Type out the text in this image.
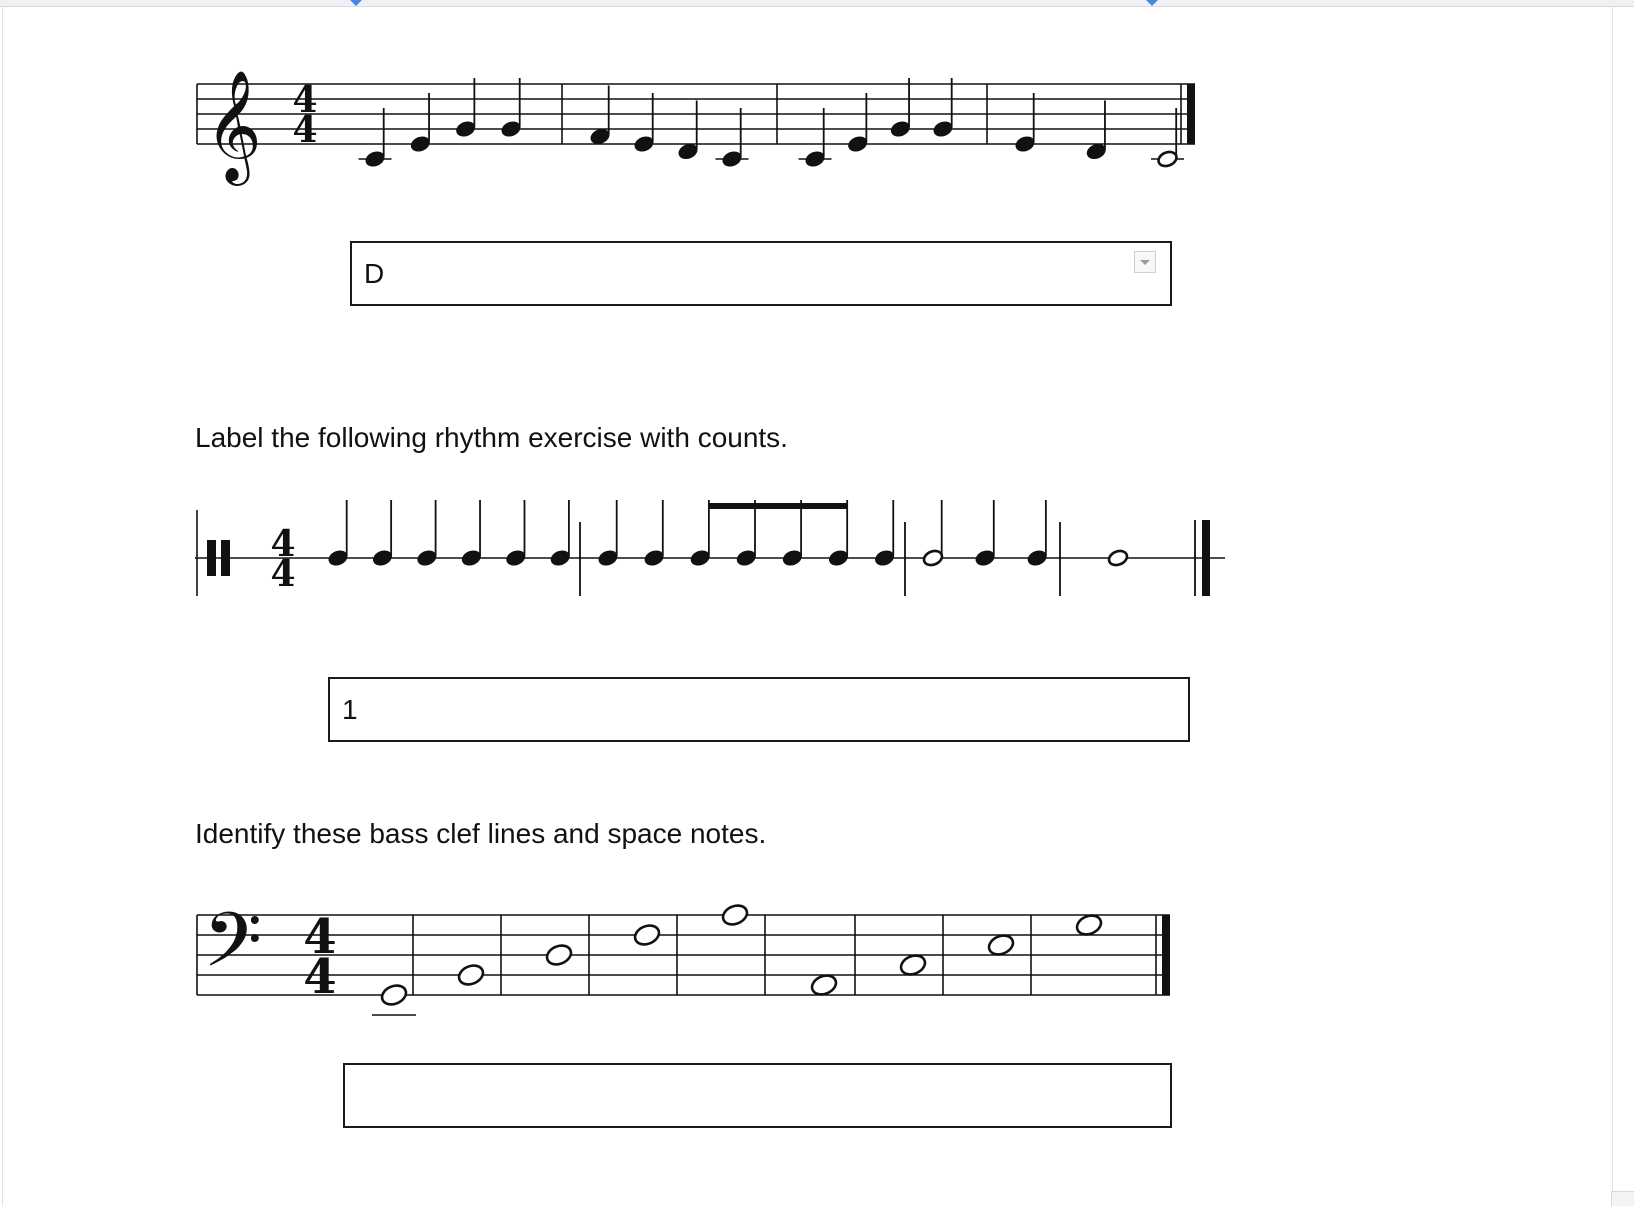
𝄞 4
4
D
Label the following rhythm exercise with counts.
4
4
1
Identify these bass clef lines and space notes.
𝄢 4
4
